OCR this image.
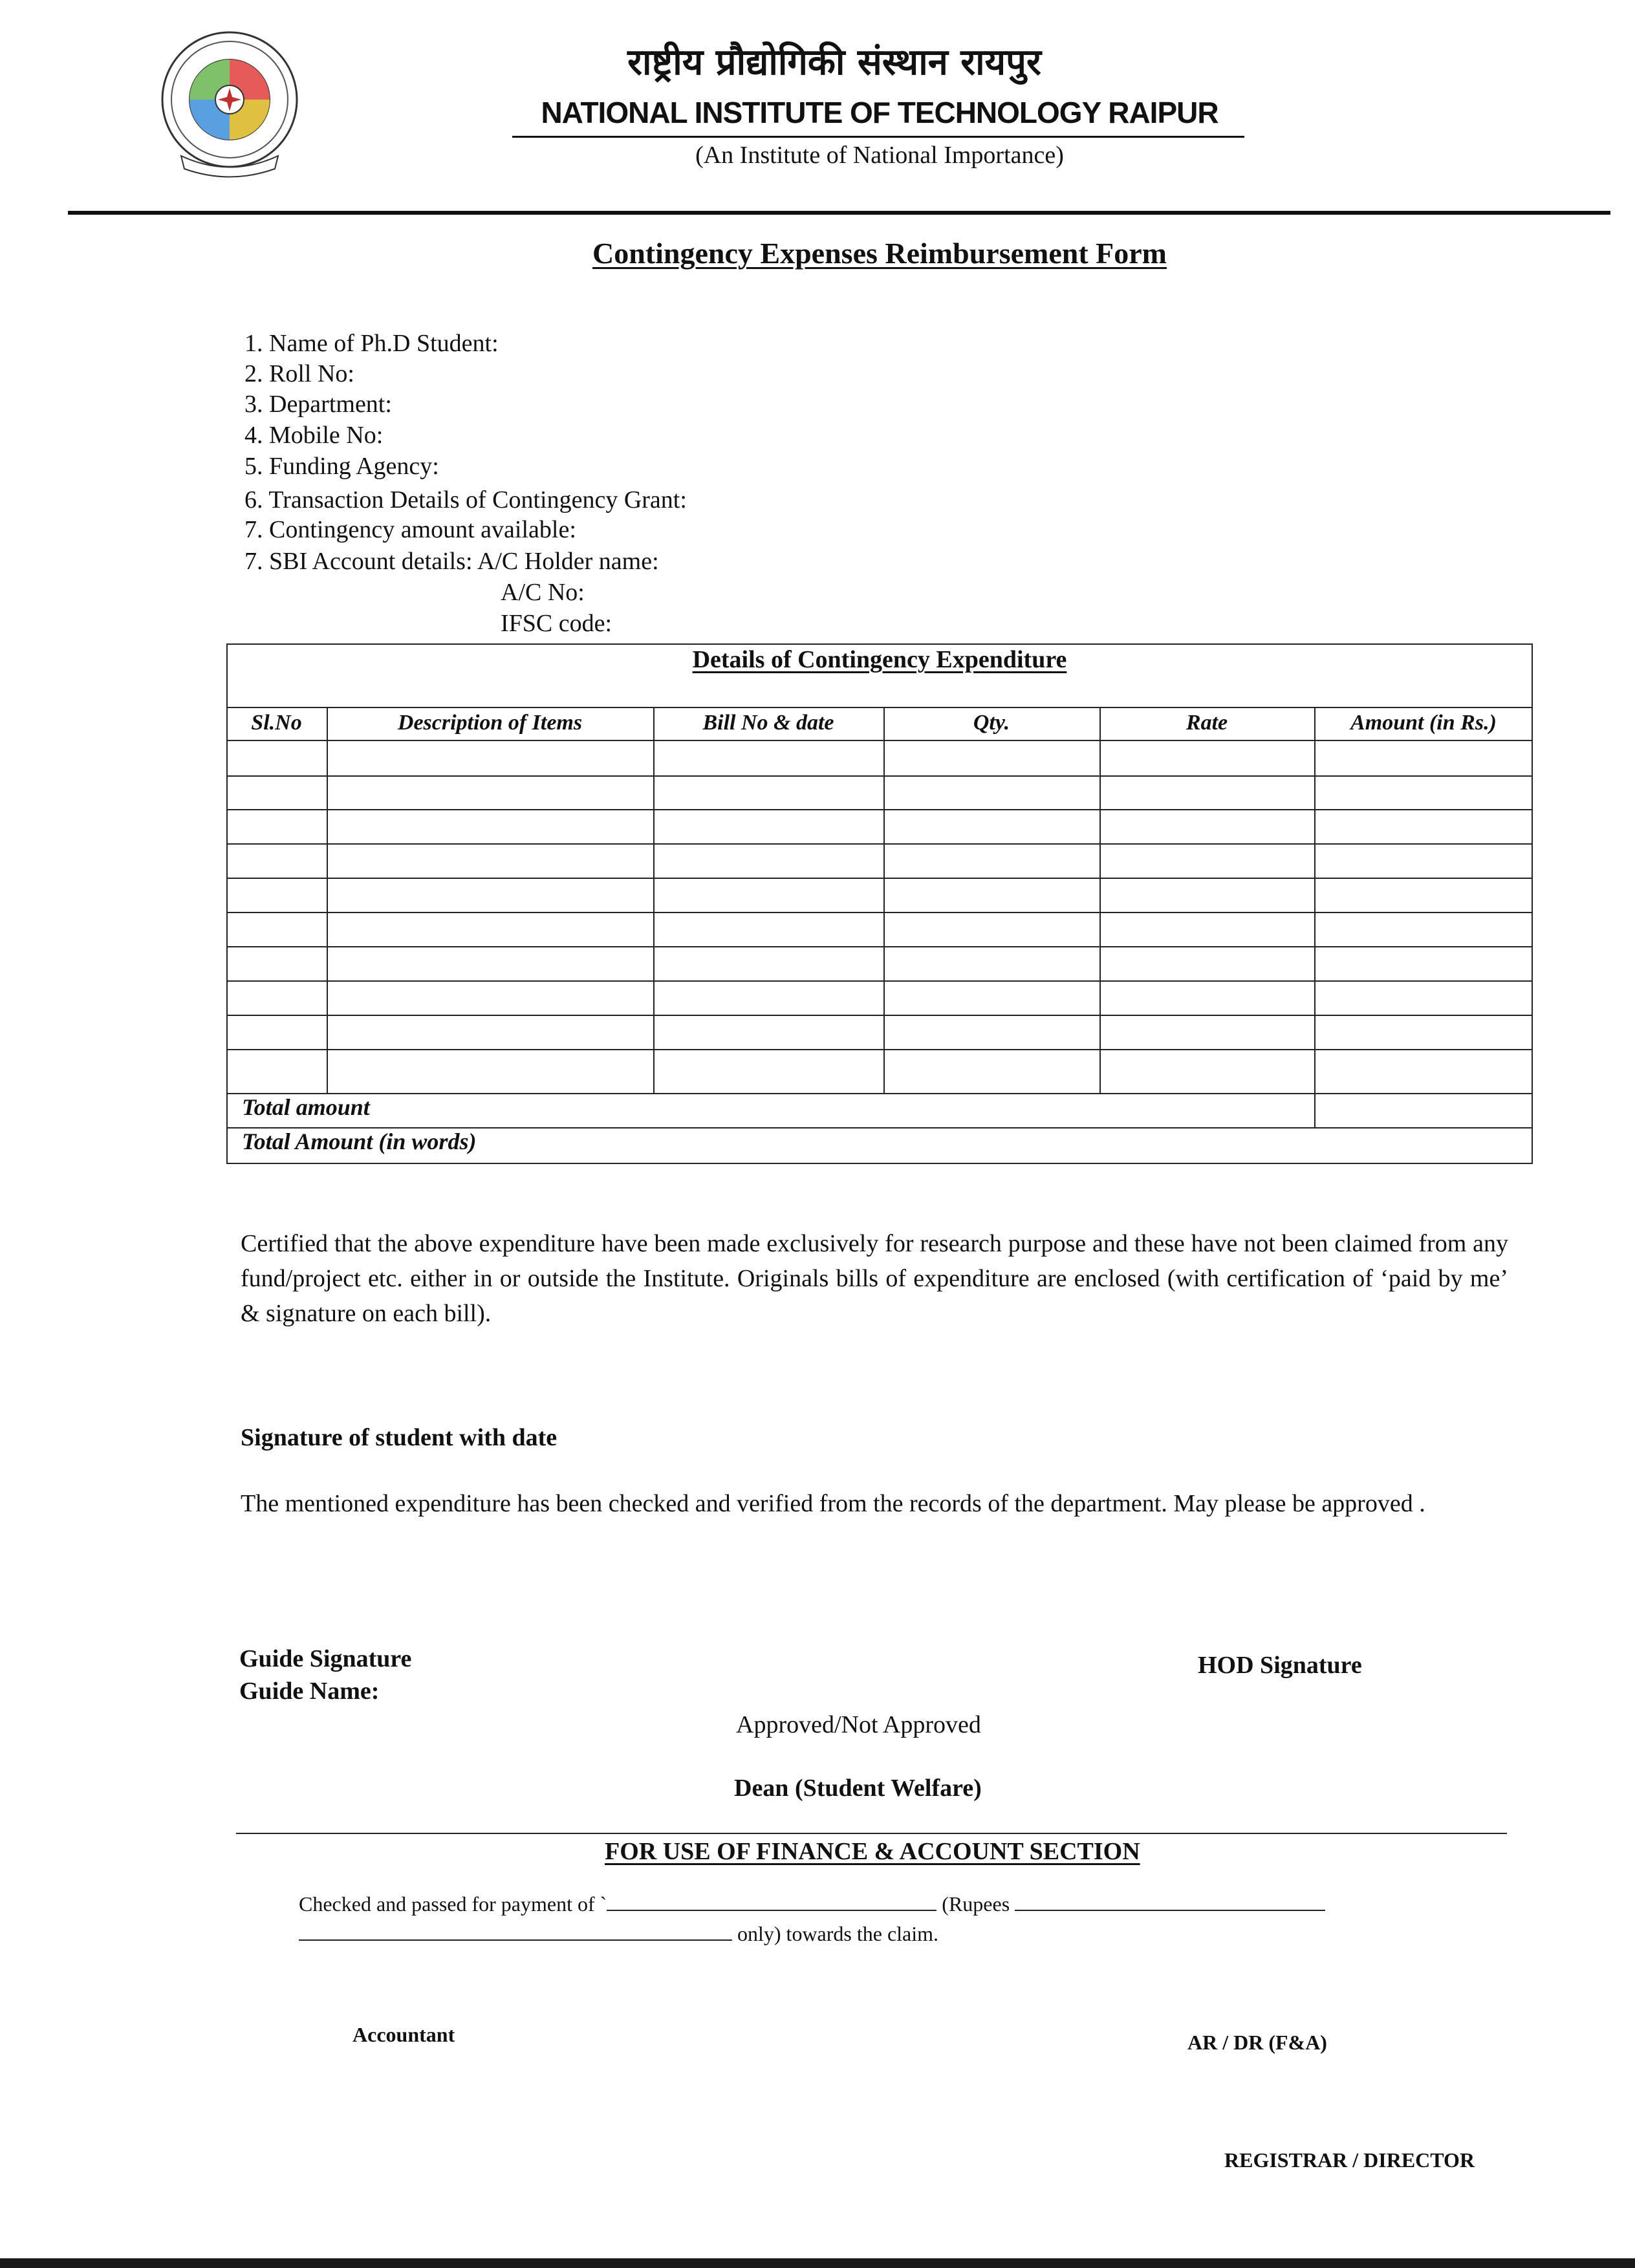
राष्ट्रीय प्रौद्योगिकी संस्थान रायपुर
NATIONAL INSTITUTE OF TECHNOLOGY RAIPUR
(An Institute of National Importance)
Contingency Expenses Reimbursement Form
1. Name of Ph.D Student:
2. Roll No:
3. Department:
4. Mobile No:
5. Funding Agency:
6. Transaction Details of Contingency Grant:
7. Contingency amount available:
7. SBI Account details: A/C Holder name:
A/C No:
IFSC code:
Details of Contingency Expenditure
Sl.No	Description of Items	Bill No & date	Qty.	Rate	Amount (in Rs.)
Total amount
Total Amount (in words)
Certified that the above expenditure have been made exclusively for research purpose and these have not been claimed from any fund/project etc. either in or outside the Institute. Originals bills of expenditure are enclosed (with certification of ‘paid by me’ & signature on each bill).
Signature of student with date
The mentioned expenditure has been checked and verified from the records of the department. May please be approved .
Guide Signature
Guide Name:
HOD Signature
Approved/Not Approved
Dean (Student Welfare)
FOR USE OF FINANCE & ACCOUNT SECTION
Checked and passed for payment of `	(Rupees
only) towards the claim.
Accountant	AR / DR (F&A)
REGISTRAR / DIRECTOR
